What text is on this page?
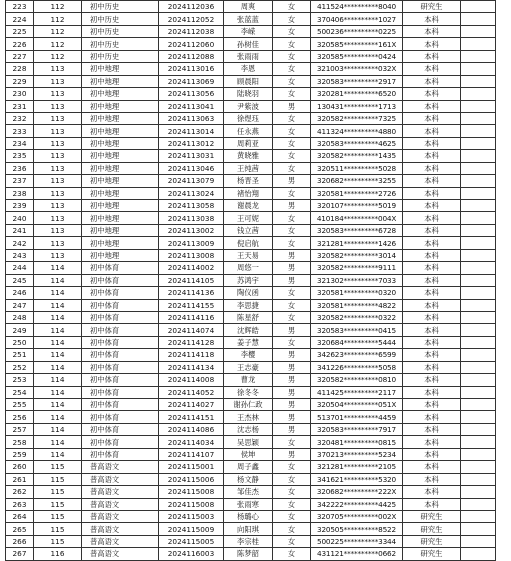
223	112	初中历史	2024112036	周爽	女	411524**********8040	研究生	
224	112	初中历史	2024112052	张蓝蓝	女	370406**********1027	本科	
225	112	初中历史	2024112038	李嵘	女	500236**********0225	本科	
226	112	初中历史	2024112060	孙树佳	女	320585**********161X	本科	
227	112	初中历史	2024112088	张雨雨	女	320585**********0424	本科	
228	113	初中地理	2024113016	李恩	女	321003**********032X	本科	
229	113	初中地理	2024113069	顾晨阳	女	320583**********2917	本科	
230	113	初中地理	2024113056	陆晓羽	女	320281**********6520	本科	
231	113	初中地理	2024113041	尹紫波	男	130431**********1713	本科	
232	113	初中地理	2024113063	徐煜珏	女	320582**********7325	本科	
233	113	初中地理	2024113014	任永燕	女	411324**********4880	本科	
234	113	初中地理	2024113012	周莉亚	女	320583**********4625	本科	
235	113	初中地理	2024113031	黄晓雅	女	320582**********1435	本科	
236	113	初中地理	2024113046	王纯茜	女	320511**********5028	本科	
237	113	初中地理	2024113079	杨晋圣	男	320682**********3255	本科	
238	113	初中地理	2024113024	褚怡翔	女	320581**********2726	本科	
239	113	初中地理	2024113058	谢晨龙	男	320107**********5019	本科	
240	113	初中地理	2024113038	王可妮	女	410184**********004X	本科	
241	113	初中地理	2024113002	钱立茜	女	320583**********6728	本科	
242	113	初中地理	2024113009	倪启航	女	321281**********1426	本科	
243	113	初中地理	2024113008	王天易	男	320582**********3014	本科	
244	114	初中体育	2024114002	周悠一	男	320582**********9111	本科	
245	114	初中体育	2024114105	苏鸿宇	男	321302**********7033	本科	
246	114	初中体育	2024114136	陶仪函	女	320581**********0320	本科	
247	114	初中体育	2024114155	李思捷	女	320581**********4822	本科	
248	114	初中体育	2024114116	陈星舒	女	320582**********0322	本科	
249	114	初中体育	2024114074	沈辉皓	男	320583**********0415	本科	
250	114	初中体育	2024114128	姜子慧	女	320684**********5444	本科	
251	114	初中体育	2024114118	李樱	男	342623**********6599	本科	
252	114	初中体育	2024114134	王志豪	男	341226**********5058	本科	
253	114	初中体育	2024114008	曹龙	男	320582**********0810	本科	
254	114	初中体育	2024114052	徐冬冬	男	411425**********2117	本科	
255	114	初中体育	2024114027	谢孙仁政	男	320504**********051X	本科	
256	114	初中体育	2024114151	王杰林	男	513701**********4459	本科	
257	114	初中体育	2024114086	沈志杨	男	320583**********7917	本科	
258	114	初中体育	2024114034	吴思颖	女	320481**********0815	本科	
259	114	初中体育	2024114107	侯坤	男	370213**********5234	本科	
260	115	普高语文	2024115001	周子鑫	女	321281**********2105	本科	
261	115	普高语文	2024115006	杨文静	女	341621**********5320	本科	
262	115	普高语文	2024115008	邹佳杰	女	320682**********222X	本科	
263	115	普高语文	2024115008	张雨寒	女	342222**********4425	本科	
264	115	普高语文	2024115003	杨璐心	女	320705**********002X	研究生	
265	115	普高语文	2024115009	向阳琪	女	320505**********8522	研究生	
266	115	普高语文	2024115005	李宗桂	女	500225**********3344	研究生	
267	116	普高语文	2024116003	陈梦韶	女	431121**********0662	研究生	
